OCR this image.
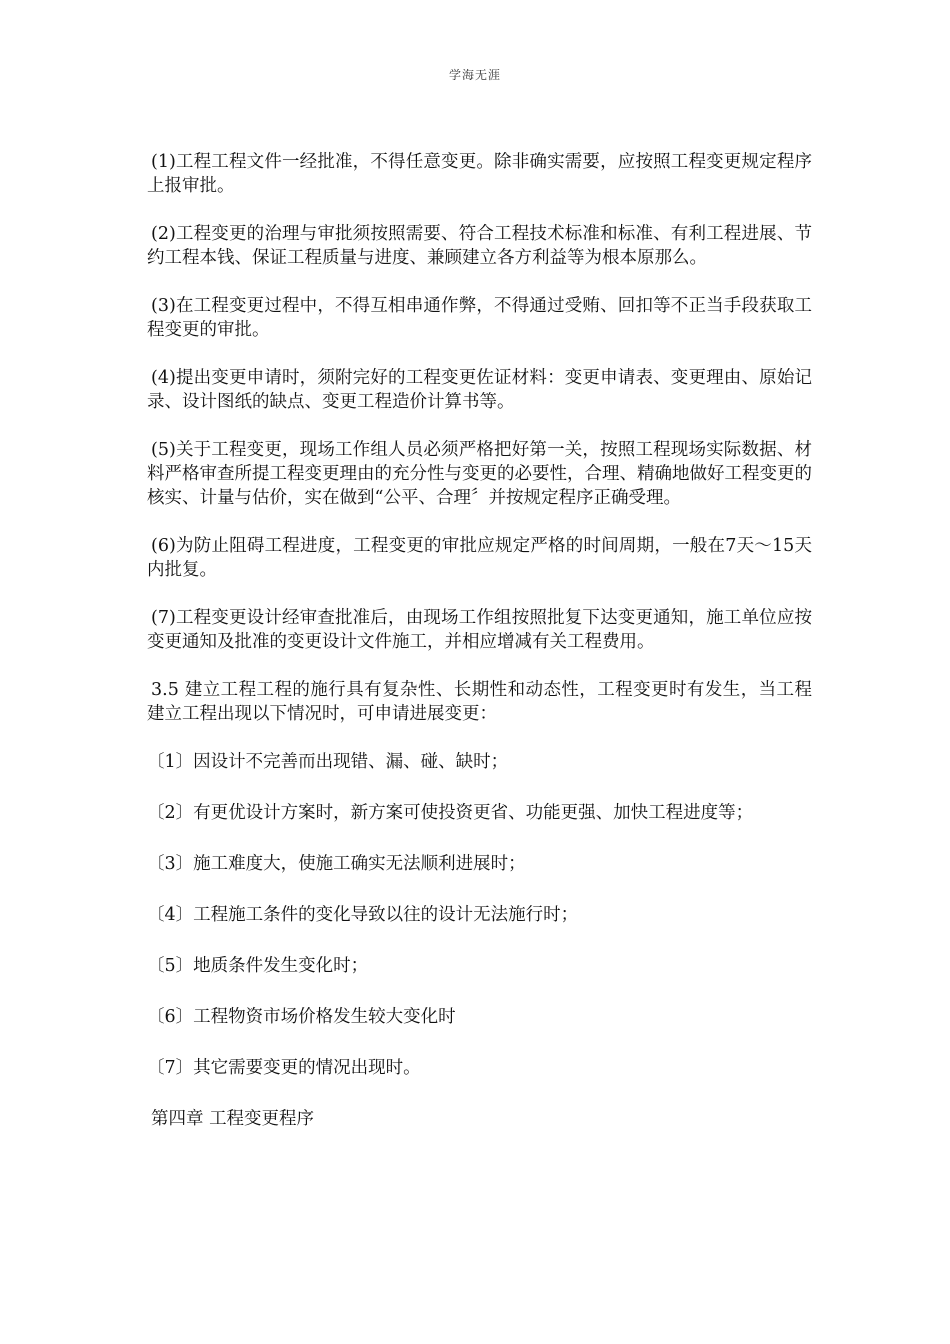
学海无涯

(1)工程工程文件一经批准，不得任意变更。除非确实需要，应按照工程变更规定程序上报审批。

(2)工程变更的治理与审批须按照需要、符合工程技术标准和标准、有利工程进展、节约工程本钱、保证工程质量与进度、兼顾建立各方利益等为根本原那么。

(3)在工程变更过程中，不得互相串通作弊，不得通过受贿、回扣等不正当手段获取工程变更的审批。

(4)提出变更申请时，须附完好的工程变更佐证材料：变更申请表、变更理由、原始记录、设计图纸的缺点、变更工程造价计算书等。

(5)关于工程变更，现场工作组人员必须严格把好第一关，按照工程现场实际数据、材料严格审查所提工程变更理由的充分性与变更的必要性，合理、精确地做好工程变更的核实、计量与估价，实在做到“公平、合理〞并按规定程序正确受理。

(6)为防止阻碍工程进度，工程变更的审批应规定严格的时间周期，一般在7天～15天内批复。

(7)工程变更设计经审查批准后，由现场工作组按照批复下达变更通知，施工单位应按变更通知及批准的变更设计文件施工，并相应增减有关工程费用。

3.5 建立工程工程的施行具有复杂性、长期性和动态性，工程变更时有发生，当工程建立工程出现以下情况时，可申请进展变更：

〔1〕因设计不完善而出现错、漏、碰、缺时；

〔2〕有更优设计方案时，新方案可使投资更省、功能更强、加快工程进度等；

〔3〕施工难度大，使施工确实无法顺利进展时；

〔4〕工程施工条件的变化导致以往的设计无法施行时；

〔5〕地质条件发生变化时；

〔6〕工程物资市场价格发生较大变化时

〔7〕其它需要变更的情况出现时。

第四章 工程变更程序
